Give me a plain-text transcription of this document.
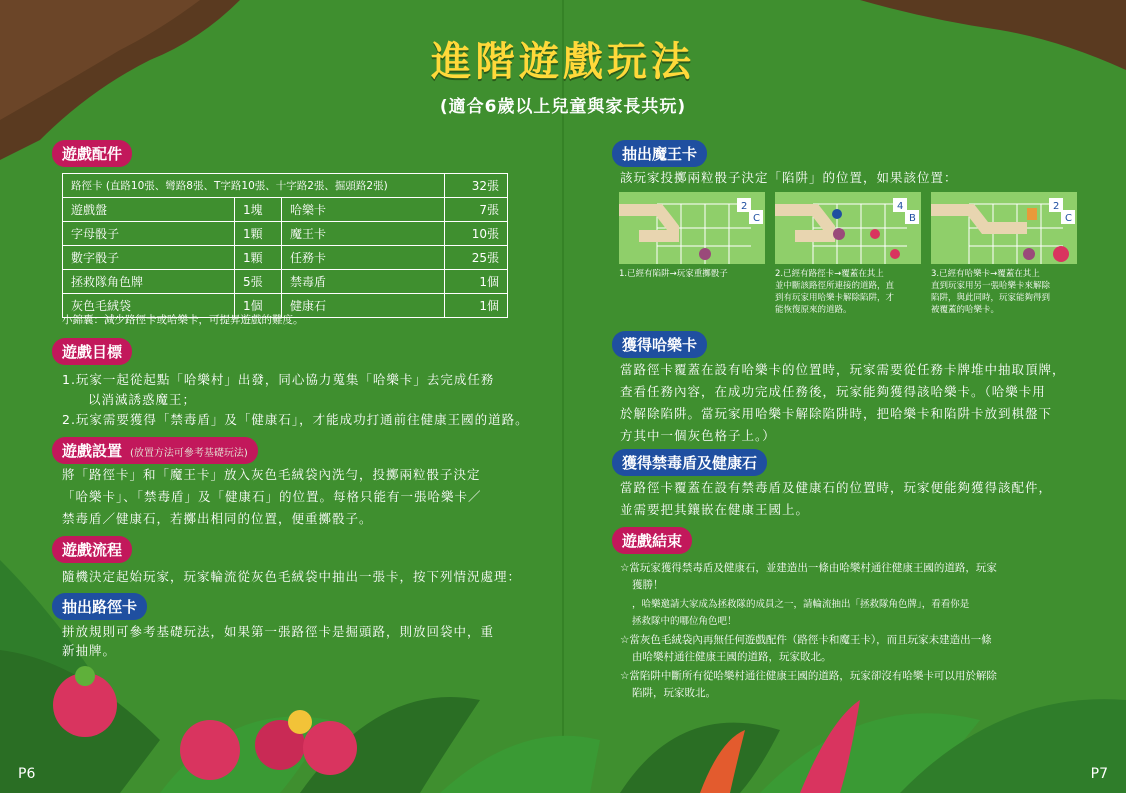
進階遊戲玩法
(適合6歲以上兒童與家長共玩)
遊戲配件
路徑卡 (直路10張、彎路8張、T字路10張、十字路2張、掘頭路2張)			32張
遊戲盤	1塊	哈樂卡	7張
字母骰子	1顆	魔王卡	10張
數字骰子	1顆	任務卡	25張
拯救隊角色牌	5張	禁毒盾	1個
灰色毛絨袋	1個	健康石	1個
小錦囊：減少路徑卡或哈樂卡，可提昇遊戲的難度。
遊戲目標
1.玩家一起從起點「哈樂村」出發，同心協力蒐集「哈樂卡」去完成任務
以消滅誘惑魔王；
2.玩家需要獲得「禁毒盾」及「健康石」，才能成功打通前往健康王國的道路。
遊戲設置 (放置方法可參考基礎玩法)
將「路徑卡」和「魔王卡」放入灰色毛絨袋內洗勻，投擲兩粒骰子決定
「哈樂卡」、「禁毒盾」及「健康石」的位置。每格只能有一張哈樂卡／
禁毒盾／健康石，若擲出相同的位置，便重擲骰子。
遊戲流程
隨機決定起始玩家，玩家輪流從灰色毛絨袋中抽出一張卡，按下列情況處理：
抽出路徑卡
拼放規則可參考基礎玩法，如果第一張路徑卡是掘頭路，則放回袋中，重
新抽牌。
P6
抽出魔王卡
該玩家投擲兩粒骰子決定「陷阱」的位置，如果該位置：
2
C
4
B
2
C
1.已經有陷阱→玩家重擲骰子	2.已經有路徑卡→覆蓋在其上
並中斷該路徑所連接的道路，直
到有玩家用哈樂卡解除陷阱，才
能恢復原來的道路。
3.已經有哈樂卡→覆蓋在其上
直到玩家用另一張哈樂卡來解除
陷阱，與此同時，玩家能夠得到
被覆蓋的哈樂卡。
獲得哈樂卡
當路徑卡覆蓋在設有哈樂卡的位置時，玩家需要從任務卡牌堆中抽取頂牌，
查看任務內容，在成功完成任務後，玩家能夠獲得該哈樂卡。（哈樂卡用
於解除陷阱。當玩家用哈樂卡解除陷阱時，把哈樂卡和陷阱卡放到棋盤下
方其中一個灰色格子上。）
獲得禁毒盾及健康石
當路徑卡覆蓋在設有禁毒盾及健康石的位置時，玩家便能夠獲得該配件，
並需要把其鑲嵌在健康王國上。
遊戲結束
☆當玩家獲得禁毒盾及健康石，並建造出一條由哈樂村通往健康王國的道路，玩家
獲勝！
，哈樂邀請大家成為拯救隊的成員之一，請輪流抽出「拯救隊角色牌」，看看你是
拯救隊中的哪位角色吧！
☆當灰色毛絨袋內再無任何遊戲配件（路徑卡和魔王卡），而且玩家未建造出一條
由哈樂村通往健康王國的道路，玩家敗北。
☆當陷阱中斷所有從哈樂村通往健康王國的道路，玩家卻沒有哈樂卡可以用於解除
陷阱，玩家敗北。
P7
